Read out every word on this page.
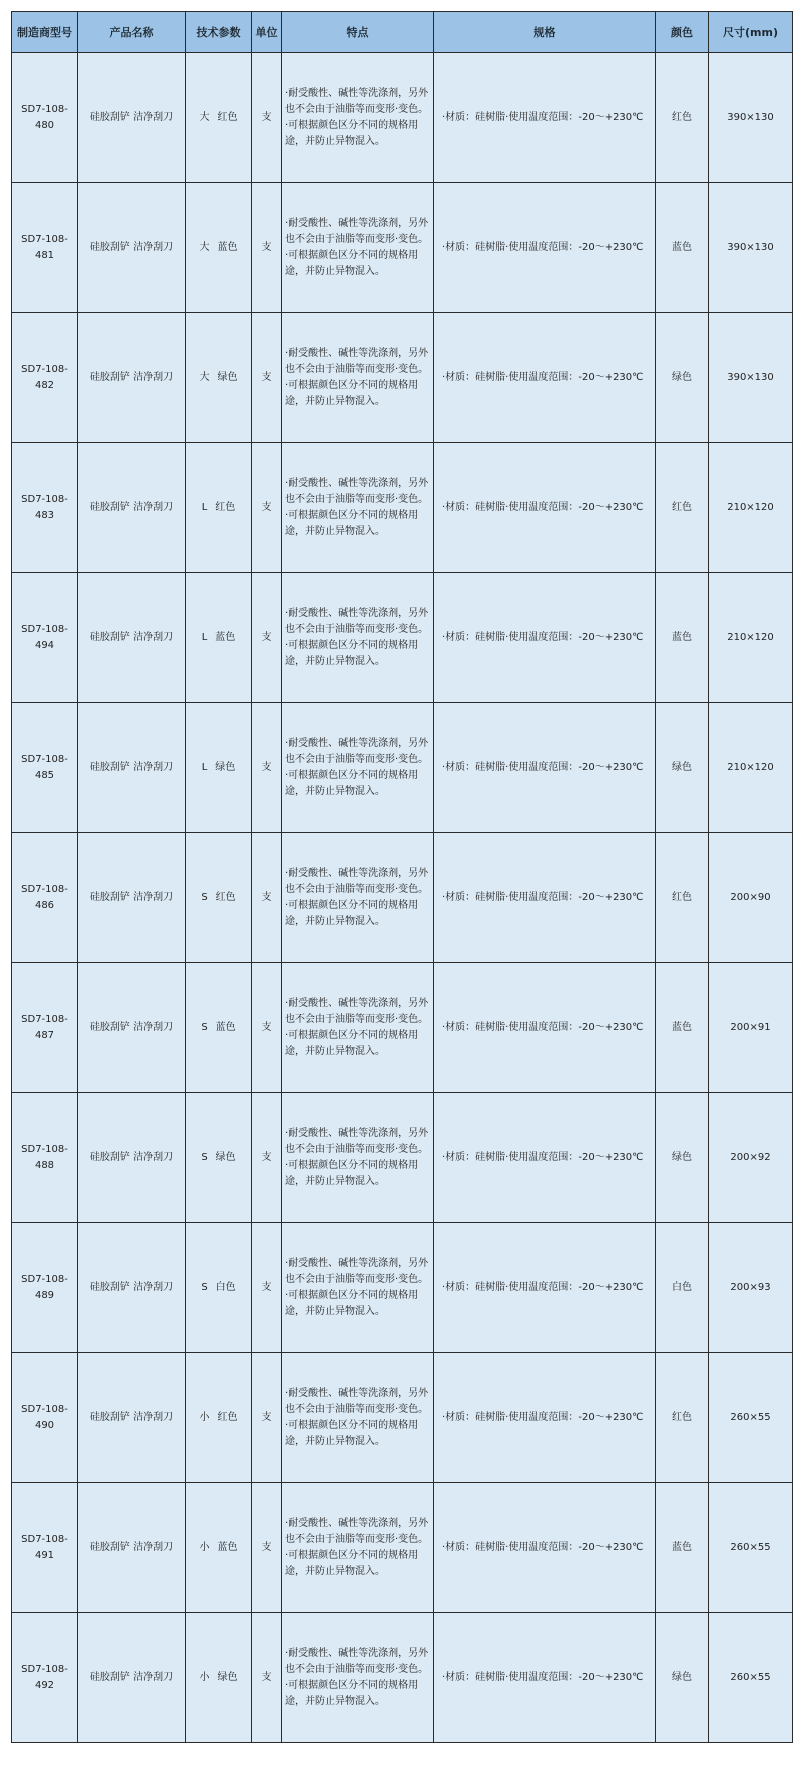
制造商型号	产品名称	技术参数	单位	特点	规格	颜色	尺寸(mm)
SD7-108-480	硅胶刮铲 洁净刮刀	大 红色	支	·耐受酸性、碱性等洗涤剂，另外
也不会由于油脂等而变形·变色。
·可根据颜色区分不同的规格用
途，并防止异物混入。	·材质：硅树脂·使用温度范围：-20～+230℃	红色	390×130
SD7-108-481	硅胶刮铲 洁净刮刀	大 蓝色	支	·耐受酸性、碱性等洗涤剂，另外
也不会由于油脂等而变形·变色。
·可根据颜色区分不同的规格用
途，并防止异物混入。	·材质：硅树脂·使用温度范围：-20～+230℃	蓝色	390×130
SD7-108-482	硅胶刮铲 洁净刮刀	大 绿色	支	·耐受酸性、碱性等洗涤剂，另外
也不会由于油脂等而变形·变色。
·可根据颜色区分不同的规格用
途，并防止异物混入。	·材质：硅树脂·使用温度范围：-20～+230℃	绿色	390×130
SD7-108-483	硅胶刮铲 洁净刮刀	L 红色	支	·耐受酸性、碱性等洗涤剂，另外
也不会由于油脂等而变形·变色。
·可根据颜色区分不同的规格用
途，并防止异物混入。	·材质：硅树脂·使用温度范围：-20～+230℃	红色	210×120
SD7-108-494	硅胶刮铲 洁净刮刀	L 蓝色	支	·耐受酸性、碱性等洗涤剂，另外
也不会由于油脂等而变形·变色。
·可根据颜色区分不同的规格用
途，并防止异物混入。	·材质：硅树脂·使用温度范围：-20～+230℃	蓝色	210×120
SD7-108-485	硅胶刮铲 洁净刮刀	L 绿色	支	·耐受酸性、碱性等洗涤剂，另外
也不会由于油脂等而变形·变色。
·可根据颜色区分不同的规格用
途，并防止异物混入。	·材质：硅树脂·使用温度范围：-20～+230℃	绿色	210×120
SD7-108-486	硅胶刮铲 洁净刮刀	S 红色	支	·耐受酸性、碱性等洗涤剂，另外
也不会由于油脂等而变形·变色。
·可根据颜色区分不同的规格用
途，并防止异物混入。	·材质：硅树脂·使用温度范围：-20～+230℃	红色	200×90
SD7-108-487	硅胶刮铲 洁净刮刀	S 蓝色	支	·耐受酸性、碱性等洗涤剂，另外
也不会由于油脂等而变形·变色。
·可根据颜色区分不同的规格用
途，并防止异物混入。	·材质：硅树脂·使用温度范围：-20～+230℃	蓝色	200×91
SD7-108-488	硅胶刮铲 洁净刮刀	S 绿色	支	·耐受酸性、碱性等洗涤剂，另外
也不会由于油脂等而变形·变色。
·可根据颜色区分不同的规格用
途，并防止异物混入。	·材质：硅树脂·使用温度范围：-20～+230℃	绿色	200×92
SD7-108-489	硅胶刮铲 洁净刮刀	S 白色	支	·耐受酸性、碱性等洗涤剂，另外
也不会由于油脂等而变形·变色。
·可根据颜色区分不同的规格用
途，并防止异物混入。	·材质：硅树脂·使用温度范围：-20～+230℃	白色	200×93
SD7-108-490	硅胶刮铲 洁净刮刀	小 红色	支	·耐受酸性、碱性等洗涤剂，另外
也不会由于油脂等而变形·变色。
·可根据颜色区分不同的规格用
途，并防止异物混入。	·材质：硅树脂·使用温度范围：-20～+230℃	红色	260×55
SD7-108-491	硅胶刮铲 洁净刮刀	小 蓝色	支	·耐受酸性、碱性等洗涤剂，另外
也不会由于油脂等而变形·变色。
·可根据颜色区分不同的规格用
途，并防止异物混入。	·材质：硅树脂·使用温度范围：-20～+230℃	蓝色	260×55
SD7-108-492	硅胶刮铲 洁净刮刀	小 绿色	支	·耐受酸性、碱性等洗涤剂，另外
也不会由于油脂等而变形·变色。
·可根据颜色区分不同的规格用
途，并防止异物混入。	·材质：硅树脂·使用温度范围：-20～+230℃	绿色	260×55
